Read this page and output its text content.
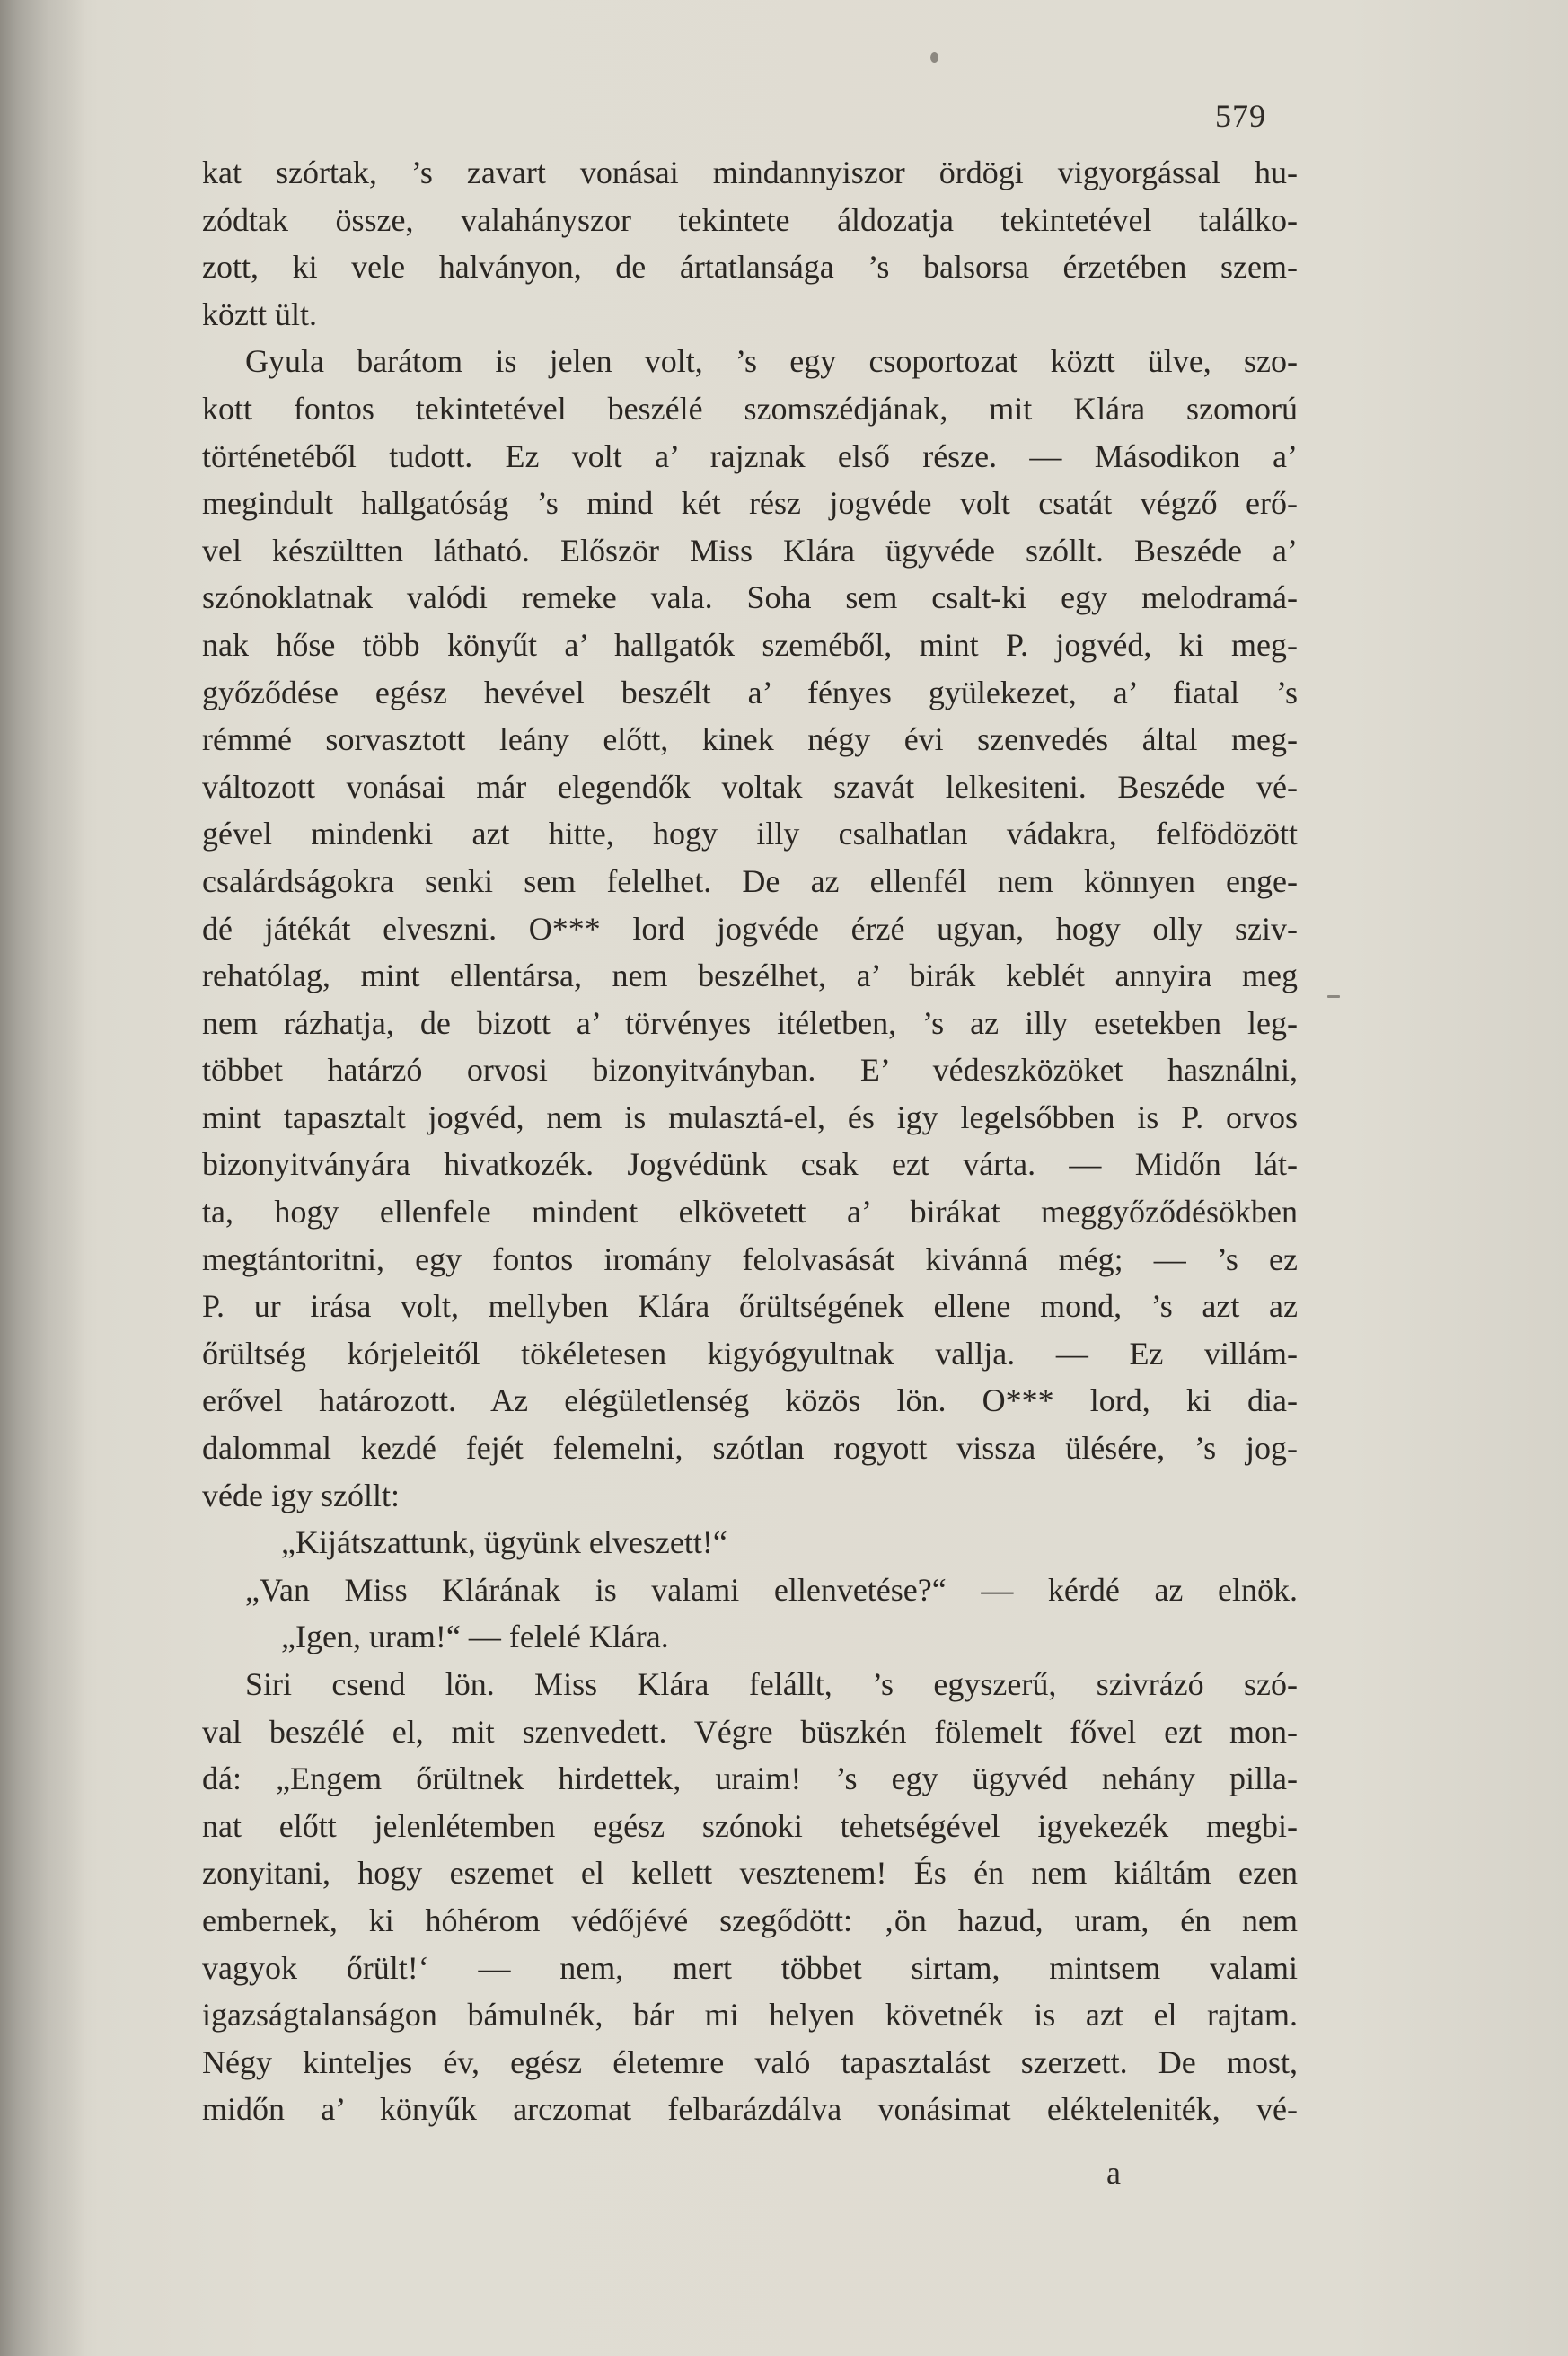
579
kat szórtak, ’s zavart vonásai mindannyiszor ördögi vigyorgással hu-
zódtak össze, valahányszor tekintete áldozatja tekintetével találko-
zott, ki vele halványon, de ártatlansága ’s balsorsa érzetében szem-
köztt ült.
Gyula barátom is jelen volt, ’s egy csoportozat köztt ülve, szo-
kott fontos tekintetével beszélé szomszédjának, mit Klára szomorú
történetéből tudott. Ez volt a’ rajznak első része. — Másodikon a’
megindult hallgatóság ’s mind két rész jogvéde volt csatát végző erő-
vel készültten látható. Először Miss Klára ügyvéde szóllt. Beszéde a’
szónoklatnak valódi remeke vala. Soha sem csalt-ki egy melodramá-
nak hőse több könyűt a’ hallgatók szeméből, mint P. jogvéd, ki meg-
győződése egész hevével beszélt a’ fényes gyülekezet, a’ fiatal ’s
rémmé sorvasztott leány előtt, kinek négy évi szenvedés által meg-
változott vonásai már elegendők voltak szavát lelkesiteni. Beszéde vé-
gével mindenki azt hitte, hogy illy csalhatlan vádakra, felfödözött
csalárdságokra senki sem felelhet. De az ellenfél nem könnyen enge-
dé játékát elveszni. O*** lord jogvéde érzé ugyan, hogy olly sziv-
rehatólag, mint ellentársa, nem beszélhet, a’ birák keblét annyira meg
nem rázhatja, de bizott a’ törvényes itéletben, ’s az illy esetekben leg-
többet határzó orvosi bizonyitványban. E’ védeszközöket használni,
mint tapasztalt jogvéd, nem is mulasztá-el, és igy legelsőbben is P. orvos
bizonyitványára hivatkozék. Jogvédünk csak ezt várta. — Midőn lát-
ta, hogy ellenfele mindent elkövetett a’ birákat meggyőződésökben
megtántoritni, egy fontos iromány felolvasását kivánná még; — ’s ez
P. ur irása volt, mellyben Klára őrültségének ellene mond, ’s azt az
őrültség kórjeleitől tökéletesen kigyógyultnak vallja. — Ez villám-
erővel határozott. Az elégületlenség közös lön. O*** lord, ki dia-
dalommal kezdé fejét felemelni, szótlan rogyott vissza ülésére, ’s jog-
véde igy szóllt:
„Kijátszattunk, ügyünk elveszett!“
„Van Miss Klárának is valami ellenvetése?“ — kérdé az elnök.
„Igen, uram!“ — felelé Klára.
Siri csend lön. Miss Klára felállt, ’s egyszerű, szivrázó szó-
val beszélé el, mit szenvedett. Végre büszkén fölemelt fővel ezt mon-
dá: „Engem őrültnek hirdettek, uraim! ’s egy ügyvéd nehány pilla-
nat előtt jelenlétemben egész szónoki tehetségével igyekezék megbi-
zonyitani, hogy eszemet el kellett vesztenem! És én nem kiáltám ezen
embernek, ki hóhérom védőjévé szegődött: ‚ön hazud, uram, én nem
vagyok őrült!‘ — nem, mert többet sirtam, mintsem valami
igazságtalanságon bámulnék, bár mi helyen követnék is azt el rajtam.
Négy kinteljes év, egész életemre való tapasztalást szerzett. De most,
midőn a’ könyűk arczomat felbarázdálva vonásimat elékteleniték, vé-
a
